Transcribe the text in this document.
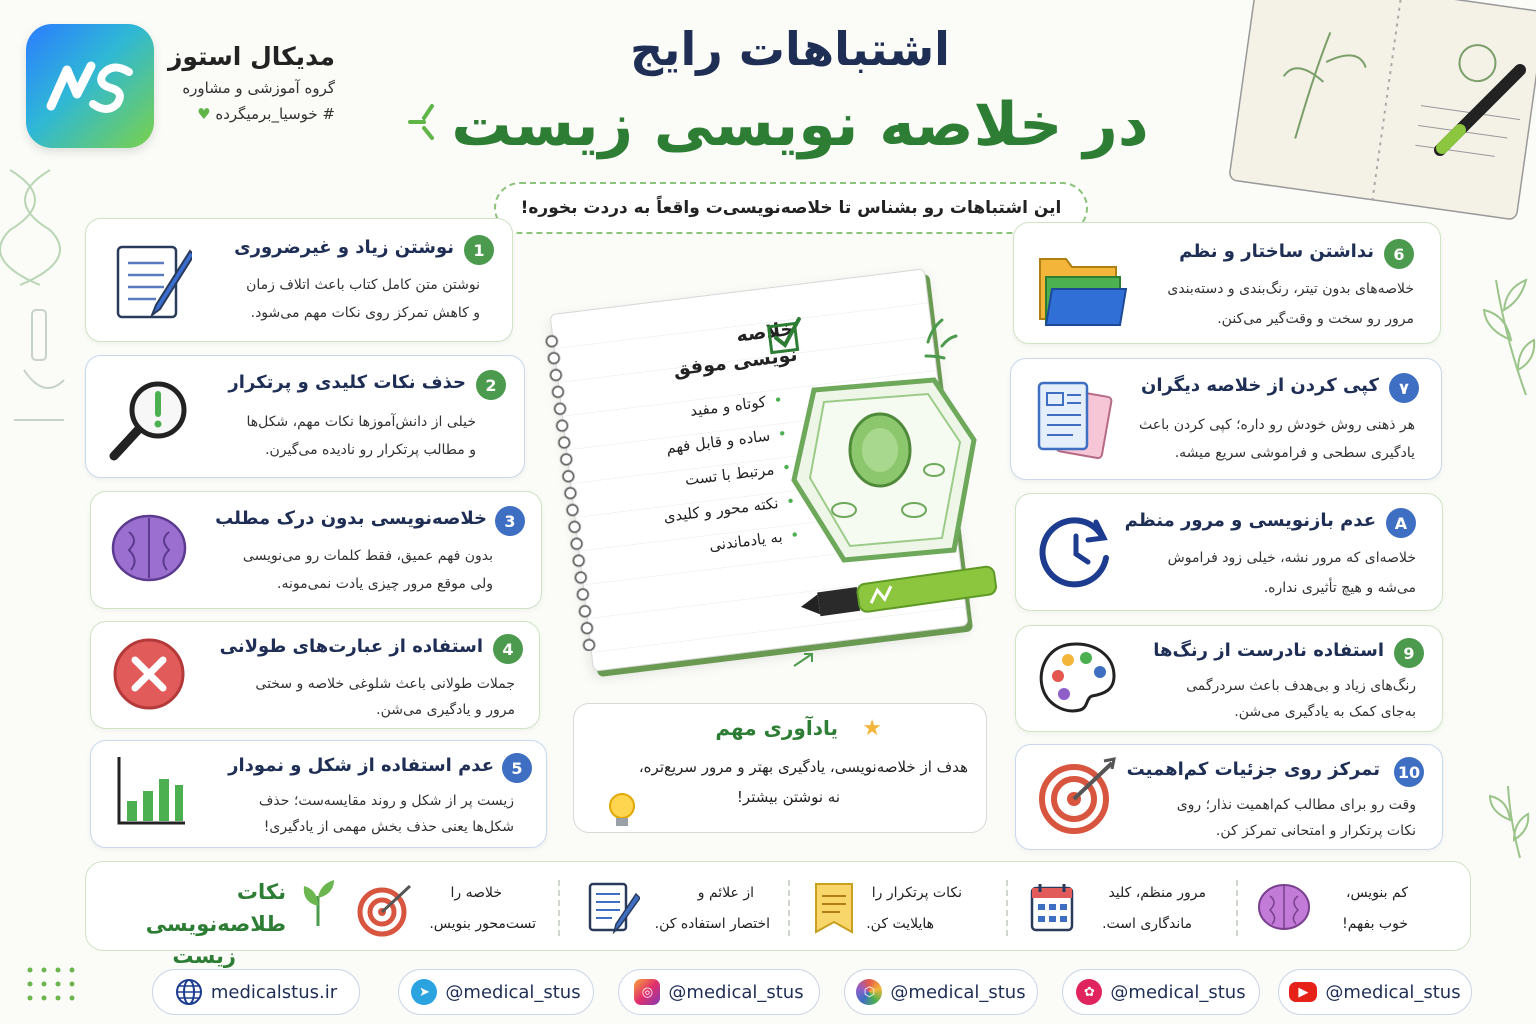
مدیکال استوز
گروه آموزشی و مشاوره
# خوسیا_برمیگرده ♥
اشتباهات رایج
در خلاصه نویسی زیست
این اشتباهات رو بشناس تا خلاصه‌نویسی‌ت واقعاً به دردت بخوره!
1
نوشتن زیاد و غیرضروری
نوشتن متن کامل کتاب باعث اتلاف زمان
و کاهش تمرکز روی نکات مهم می‌شود.
2
حذف نکات کلیدی و پرتکرار
خیلی از دانش‌آموزها نکات مهم، شکل‌ها
و مطالب پرتکرار رو نادیده می‌گیرن.
3
خلاصه‌نویسی بدون درک مطلب
بدون فهم عمیق، فقط کلمات رو می‌نویسی
ولی موقع مرور چیزی یادت نمی‌مونه.
4
استفاده از عبارت‌های طولانی
جملات طولانی باعث شلوغی خلاصه و سختی
مرور و یادگیری می‌شن.
5
عدم استفاده از شکل و نمودار
زیست پر از شکل و روند مقایسه‌ست؛ حذف
شکل‌ها یعنی حذف بخش مهمی از یادگیری!
6
نداشتن ساختار و نظم
خلاصه‌های بدون تیتر، رنگ‌بندی و دسته‌بندی
مرور رو سخت و وقت‌گیر می‌کنن.
۷
کپی کردن از خلاصه دیگران
هر ذهنی روش خودش رو داره؛ کپی کردن باعث
یادگیری سطحی و فراموشی سریع میشه.
A
عدم بازنویسی و مرور منظم
خلاصه‌ای که مرور نشه، خیلی زود فراموش
می‌شه و هیچ تأثیری نداره.
9
استفاده نادرست از رنگ‌ها
رنگ‌های زیاد و بی‌هدف باعث سردرگمی
به‌جای کمک به یادگیری می‌شن.
10
تمرکز روی جزئیات کم‌اهمیت
وقت رو برای مطالب کم‌اهمیت نذار؛ روی
نکات پرتکرار و امتحانی تمرکز کن.
خلاصه
نویسی موفق
• کوتاه و مفید
• ساده و قابل فهم
• مرتبط با تست
• نکته محور و کلیدی
• به یادماندنی
★
یادآوری مهم
هدف از خلاصه‌نویسی، یادگیری بهتر و مرور سریع‌تره،
نه نوشتن بیشتر!
نکات طلاصه‌نویسی
زیست
کم بنویس،
خوب بفهم!
مرور منظم، کلید
ماندگاری است.
نکات پرتکرار را
هایلایت کن.
از علائم و
اختصار استفاده کن.
خلاصه را
تست‌محور بنویس.
medicalstus.ir	➤ @medical_stus	◎ @medical_stus	⬡ @medical_stus	✿ @medical_stus	▶ @medical_stus
